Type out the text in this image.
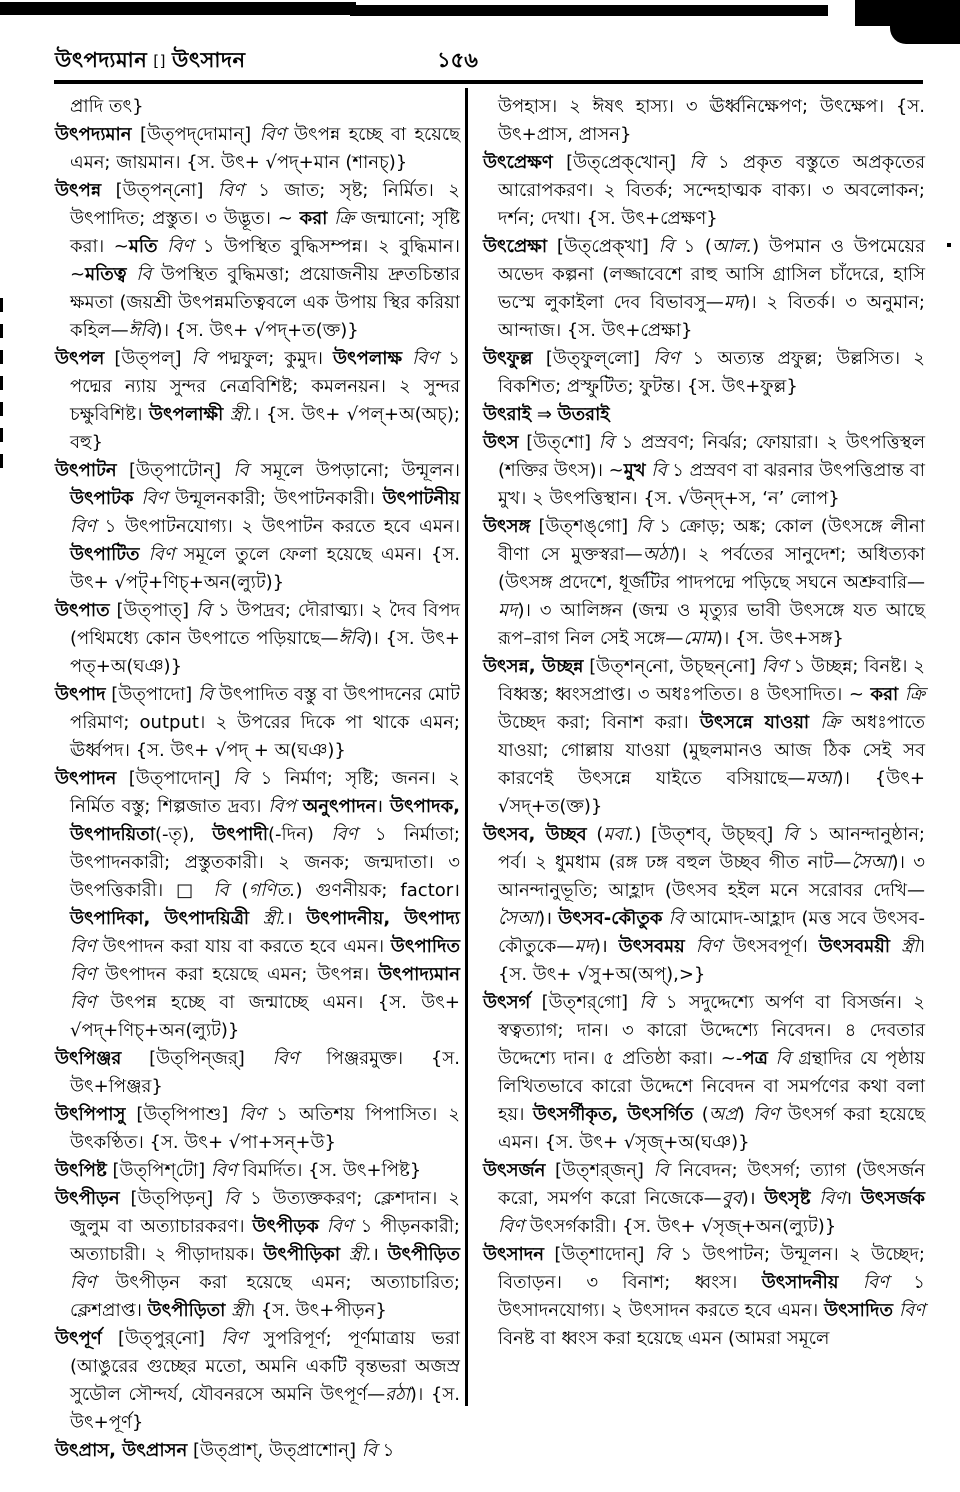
উৎপদ্যমান [] উৎসাদন	১৫৬

প্রাদি তৎ}

উৎপদ্যমান [উত্‌পদ্‌দোমান্] বিণ উৎপন্ন হচ্ছে বা হয়েছে এমন; জায়মান। {স. উৎ+ √পদ্+মান (শানচ্)}

উৎপন্ন [উত্‌পন্‌নো] বিণ ১ জাত; সৃষ্ট; নির্মিত। ২ উৎপাদিত; প্রস্তুত। ৩ উদ্ভূত। ~ করা ক্রি জন্মানো; সৃষ্টি করা। ~মতি বিণ ১ উপস্থিত বুদ্ধিসম্পন্ন। ২ বুদ্ধিমান। ~মতিত্ব বি উপস্থিত বুদ্ধিমত্তা; প্রয়োজনীয় দ্রুতচিন্তার ক্ষমতা (জয়শ্রী উৎপন্নমতিত্ববলে এক উপায় স্থির করিয়া কহিল—ঈবি)। {স. উৎ+ √পদ্+ত(ক্ত)}

উৎপল [উত্‌পল্] বি পদ্মফুল; কুমুদ। উৎপলাক্ষ বিণ ১ পদ্মের ন্যায় সুন্দর নেত্রবিশিষ্ট; কমলনয়ন। ২ সুন্দর চক্ষুবিশিষ্ট। উৎপলাক্ষী স্ত্রী.। {স. উৎ+ √পল্+অ(অচ্); বহু}

উৎপাটন [উত্‌পাটোন্] বি সমূলে উপড়ানো; উন্মূলন। উৎপাটক বিণ উন্মূলনকারী; উৎপাটনকারী। উৎপাটনীয় বিণ ১ উৎপাটনযোগ্য। ২ উৎপাটন করতে হবে এমন। উৎপাটিত বিণ সমূলে তুলে ফেলা হয়েছে এমন। {স. উৎ+ √পট্+ণিচ্+অন(ল্যুট)}

উৎপাত [উত্‌পাত্] বি ১ উপদ্রব; দৌরাত্ম্য। ২ দৈব বিপদ (পথিমধ্যে কোন উৎপাতে পড়িয়াছে—ঈবি)। {স. উৎ+ পত্+অ(ঘঞ)}

উৎপাদ [উত্‌পাদো] বি উৎপাদিত বস্তু বা উৎপাদনের মোট পরিমাণ; output। ২ উপরের দিকে পা থাকে এমন; ঊর্ধ্বপদ। {স. উৎ+ √পদ্ + অ(ঘঞ)}

উৎপাদন [উত্‌পাদোন্] বি ১ নির্মাণ; সৃষ্টি; জনন। ২ নির্মিত বস্তু; শিল্পজাত দ্রব্য। বিপ অনুৎপাদন। উৎপাদক, উৎপাদয়িতা(-তৃ), উৎপাদী(-দিন) বিণ ১ নির্মাতা; উৎপাদনকারী; প্রস্তুতকারী। ২ জনক; জন্মদাতা। ৩ উৎপত্তিকারী। □ বি (গণিত.) গুণনীয়ক; factor। উৎপাদিকা, উৎপাদয়িত্রী স্ত্রী.। উৎপাদনীয়, উৎপাদ্য বিণ উৎপাদন করা যায় বা করতে হবে এমন। উৎপাদিত বিণ উৎপাদন করা হয়েছে এমন; উৎপন্ন। উৎপাদ্যমান বিণ উৎপন্ন হচ্ছে বা জন্মাচ্ছে এমন। {স. উৎ+ √পদ্+ণিচ্+অন(ল্যুট)}

উৎপিঞ্জর [উত্‌পিন্‌জর্] বিণ পিঞ্জরমুক্ত। {স. উৎ+পিঞ্জর}

উৎপিপাসু [উত্‌পিপাশু] বিণ ১ অতিশয় পিপাসিত। ২ উৎকণ্ঠিত। {স. উৎ+ √পা+সন্+উ}

উৎপিষ্ট [উত্‌পিশ্‌টো] বিণ বিমর্দিত। {স. উৎ+পিষ্ট}

উৎপীড়ন [উত্‌পিড়ন্] বি ১ উত্যক্তকরণ; ক্লেশদান। ২ জুলুম বা অত্যাচারকরণ। উৎপীড়ক বিণ ১ পীড়নকারী; অত্যাচারী। ২ পীড়াদায়ক। উৎপীড়িকা স্ত্রী.। উৎপীড়িত বিণ উৎপীড়ন করা হয়েছে এমন; অত্যাচারিত; ক্লেশপ্রাপ্ত। উৎপীড়িতা স্ত্রী। {স. উৎ+পীড়ন}

উৎপূর্ণ [উত্‌পুর্‌নো] বিণ সুপরিপূর্ণ; পূর্ণমাত্রায় ভরা (আঙুরের গুচ্ছের মতো, অমনি একটি বৃন্তভরা অজস্র সুডৌল সৌন্দর্য, যৌবনরসে অমনি উৎপূর্ণ—রঠা)। {স. উৎ+পূর্ণ}

উৎপ্রাস, উৎপ্রাসন [উত্‌প্রাশ্, উত্‌প্রাশোন্] বি ১

উপহাস। ২ ঈষৎ হাস্য। ৩ ঊর্ধ্বনিক্ষেপণ; উৎক্ষেপ। {স. উৎ+প্রাস, প্রাসন}

উৎপ্রেক্ষণ [উত্‌প্রেক্‌খোন্] বি ১ প্রকৃত বস্তুতে অপ্রকৃতের আরোপকরণ। ২ বিতর্ক; সন্দেহাত্মক বাক্য। ৩ অবলোকন; দর্শন; দেখা। {স. উৎ+প্রেক্ষণ}

উৎপ্রেক্ষা [উত্‌প্রেক্‌খা] বি ১ (আল.) উপমান ও উপমেয়ের অভেদ কল্পনা (লজ্জাবেশে রাহু আসি গ্রাসিল চাঁদেরে, হাসি ভস্মে লুকাইলা দেব বিভাবসু—মদ)। ২ বিতর্ক। ৩ অনুমান; আন্দাজ। {স. উৎ+প্রেক্ষা}

উৎফুল্ল [উত্‌ফুল্‌লো] বিণ ১ অত্যন্ত প্রফুল্ল; উল্লসিত। ২ বিকশিত; প্রস্ফুটিত; ফুটন্ত। {স. উৎ+ফুল্ল}

উৎরাই ⇒ উতরাই

উৎস [উত্‌শো] বি ১ প্রস্রবণ; নির্ঝর; ফোয়ারা। ২ উৎপত্তিস্থল (শক্তির উৎস)। ~মুখ বি ১ প্রস্রবণ বা ঝরনার উৎপত্তিপ্রান্ত বা মুখ। ২ উৎপত্তিস্থান। {স. √উন্দ্+স, ‘ন’ লোপ}

উৎসঙ্গ [উত্‌শঙ্‌গো] বি ১ ক্রোড়; অঙ্ক; কোল (উৎসঙ্গে লীনা বীণা সে মুক্তস্বরা—অঠা)। ২ পর্বতের সানুদেশ; অধিত্যকা (উৎসঙ্গ প্রদেশে, ধূর্জটির পাদপদ্মে পড়িছে সঘনে অশ্রুবারি—মদ)। ৩ আলিঙ্গন (জন্ম ও মৃত্যুর ভাবী উৎসঙ্গে যত আছে রূপ–রাগ নিল সেই সঙ্গে—মোম)। {স. উৎ+সঙ্গ}

উৎসন্ন, উচ্ছন্ন [উত্‌শন্‌নো, উচ্‌ছন্‌নো] বিণ ১ উচ্ছন্ন; বিনষ্ট। ২ বিধ্বস্ত; ধ্বংসপ্রাপ্ত। ৩ অধঃপতিত। ৪ উৎসাদিত। ~ করা ক্রি উচ্ছেদ করা; বিনাশ করা। উৎসন্নে যাওয়া ক্রি অধঃপাতে যাওয়া; গোল্লায় যাওয়া (মুছলমানও আজ ঠিক সেই সব কারণেই উৎসন্নে যাইতে বসিয়াছে—মআ)। {উৎ+ √সদ্+ত(ক্ত)}

উৎসব, উচ্ছব (মবা.) [উত্‌শব্, উচ্‌ছব্] বি ১ আনন্দানুষ্ঠান; পর্ব। ২ ধুমধাম (রঙ্গ ঢঙ্গ বহুল উচ্ছব গীত নাট—সৈআ)। ৩ আনন্দানুভূতি; আহ্লাদ (উৎসব হইল মনে সরোবর দেখি—সৈআ)। উৎসব-কৌতুক বি আমোদ-আহ্লাদ (মত্ত সবে উৎসব-কৌতুকে—মদ)। উৎসবময় বিণ উৎসবপূর্ণ। উৎসবময়ী স্ত্রী। {স. উৎ+ √সু+অ(অপ্),>}

উৎসর্গ [উত্‌শর্‌গো] বি ১ সদুদ্দেশ্যে অর্পণ বা বিসর্জন। ২ স্বত্বত্যাগ; দান। ৩ কারো উদ্দেশ্যে নিবেদন। ৪ দেবতার উদ্দেশ্যে দান। ৫ প্রতিষ্ঠা করা। ~-পত্র বি গ্রন্থাদির যে পৃষ্ঠায় লিখিতভাবে কারো উদ্দেশে নিবেদন বা সমর্পণের কথা বলা হয়। উৎসর্গীকৃত, উৎসর্গিত (অপ্র) বিণ উৎসর্গ করা হয়েছে এমন। {স. উৎ+ √সৃজ্+অ(ঘঞ)}

উৎসর্জন [উত্‌শর্‌জন্] বি নিবেদন; উৎসর্গ; ত্যাগ (উৎসর্জন করো, সমর্পণ করো নিজেকে—বুব)। উৎসৃষ্ট বিণ। উৎসর্জক বিণ উৎসর্গকারী। {স. উৎ+ √সৃজ্+অন(ল্যুট)}

উৎসাদন [উত্‌শাদোন্] বি ১ উৎপাটন; উন্মূলন। ২ উচ্ছেদ; বিতাড়ন। ৩ বিনাশ; ধ্বংস। উৎসাদনীয় বিণ ১ উৎসাদনযোগ্য। ২ উৎসাদন করতে হবে এমন। উৎসাদিত বিণ বিনষ্ট বা ধ্বংস করা হয়েছে এমন (আমরা সমূলে
